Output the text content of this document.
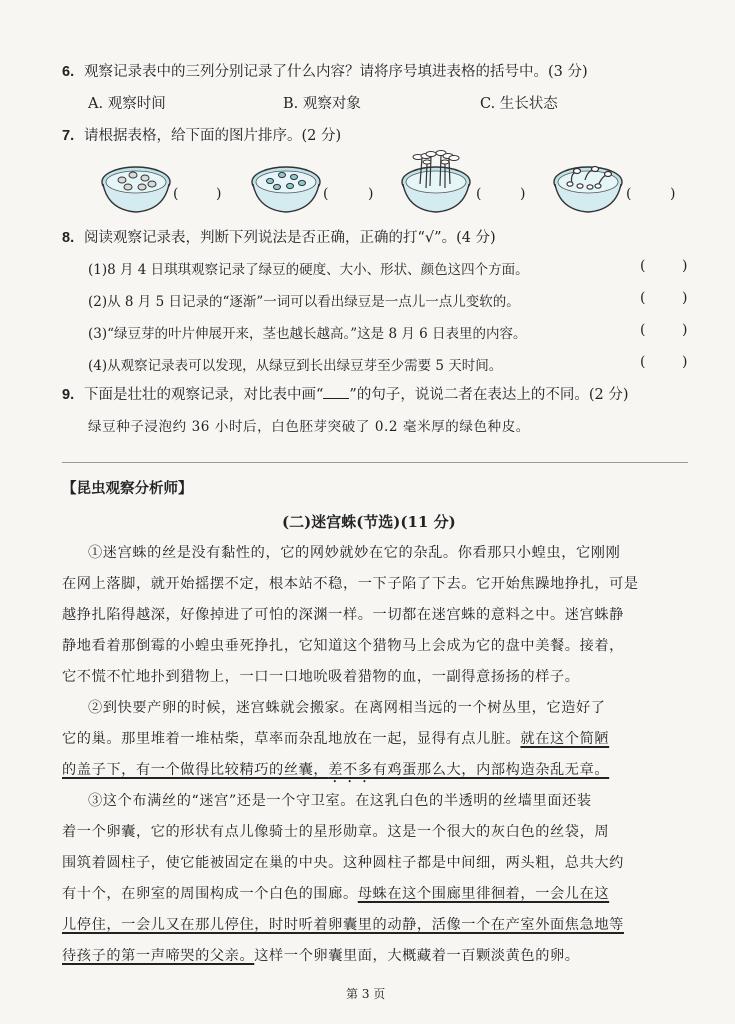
6. 观察记录表中的三列分别记录了什么内容？请将序号填进表格的括号中。(3 分)
A. 观察时间	B. 观察对象	C. 生长状态
7. 请根据表格，给下面的图片排序。(2 分)
(	)	(	)	(	)	(	)
8. 阅读观察记录表，判断下列说法是否正确，正确的打“√”。(4 分)
(1)8 月 4 日琪琪观察记录了绿豆的硬度、大小、形状、颜色这四个方面。	(	)
(2)从 8 月 5 日记录的“逐渐”一词可以看出绿豆是一点儿一点儿变软的。	(	)
(3)“绿豆芽的叶片伸展开来，茎也越长越高。”这是 8 月 6 日表里的内容。	(	)
(4)从观察记录表可以发现，从绿豆到长出绿豆芽至少需要 5 天时间。	(	)
9. 下面是壮壮的观察记录，对比表中画“ ”的句子，说说二者在表达上的不同。(2 分)
绿豆种子浸泡约 36 小时后，白色胚芽突破了 0.2 毫米厚的绿色种皮。
【昆虫观察分析师】
(二)迷宫蛛(节选)(11 分)
①迷宫蛛的丝是没有黏性的，它的网妙就妙在它的杂乱。你看那只小蝗虫，它刚刚
在网上落脚，就开始摇摆不定，根本站不稳，一下子陷了下去。它开始焦躁地挣扎，可是
越挣扎陷得越深，好像掉进了可怕的深渊一样。一切都在迷宫蛛的意料之中。迷宫蛛静
静地看着那倒霉的小蝗虫垂死挣扎，它知道这个猎物马上会成为它的盘中美餐。接着，
它不慌不忙地扑到猎物上，一口一口地吮吸着猎物的血，一副得意扬扬的样子。
②到快要产卵的时候，迷宫蛛就会搬家。在离网相当远的一个树丛里，它造好了
它的巢。那里堆着一堆枯柴，草率而杂乱地放在一起，显得有点儿脏。就在这个简陋
的盖子下，有一个做得比较精巧的丝囊，差不多有鸡蛋那么大，内部构造杂乱无章。
③这个布满丝的“迷宫”还是一个守卫室。在这乳白色的半透明的丝墙里面还装
着一个卵囊，它的形状有点儿像骑士的星形勋章。这是一个很大的灰白色的丝袋，周
围筑着圆柱子，使它能被固定在巢的中央。这种圆柱子都是中间细，两头粗，总共大约
有十个，在卵室的周围构成一个白色的围廊。母蛛在这个围廊里徘徊着，一会儿在这
儿停住，一会儿又在那儿停住，时时听着卵囊里的动静，活像一个在产室外面焦急地等
待孩子的第一声啼哭的父亲。这样一个卵囊里面，大概藏着一百颗淡黄色的卵。
第 3 页
